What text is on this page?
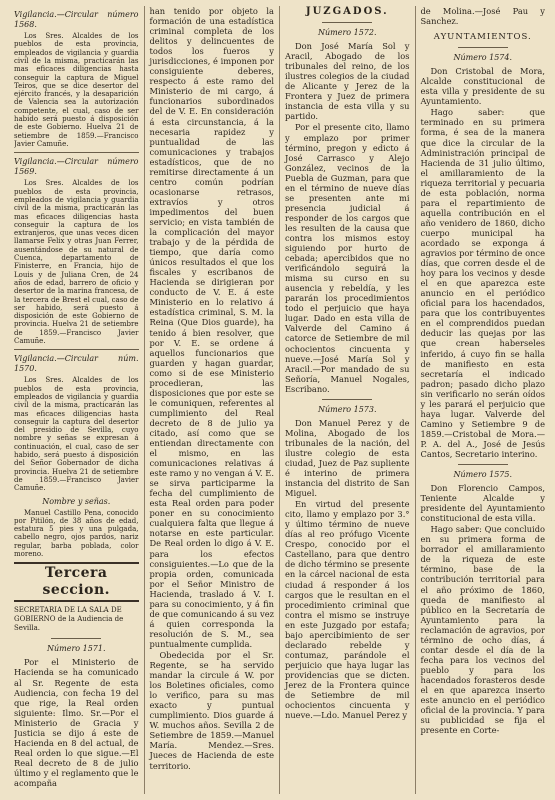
Vigilancia.—Circular número 1568.

Los Sres. Alcaldes de los pueblos de esta provincia, empleados de vigilancia y guardia civil de la misma, practicarán las mas eficaces diligencias hasta conseguir la captura de Miguel Teiros, que se dice desertor del ejército francés, y la desaparición de Valencia sea la autorización competente, el cual, caso de ser habido será puesto á disposición de este Gobierno. Huelva 21 de setiembre de 1859.—Francisco Javier Camuñe.

Vigilancia.—Circular número 1569.

Los Sres. Alcaldes de los pueblos de esta provincia, empleados de vigilancia y guardia civil de la misma, practicarán las mas eficaces diligencias hasta conseguir la captura de los extranjeros, que unas veces dicen llamarse Felix y otras Juan Ferrer, ausentándose de su natural de Cuenca, departamento de Finisterre, en Francia, hijo de Louis y de Juliana Cren, de 24 años de edad, barrero de oficio y desertor de la marina francesa, de la tercera de Brest el cual, caso de ser habido, será puesto á disposición de este Gobierno de provincia. Huelva 21 de setiembre de 1859.—Francisco Javier Camuñe.

Vigilancia.—Circular núm. 1570.

Los Sres. Alcaldes de los pueblos de esta provincia, empleados de vigilancia y guardia civil de la misma, practicarán las mas eficaces diligencias hasta conseguir la captura del desertor del presidio de Sevilla, cuyo nombre y señas se expresan á continuación, el cual, caso de ser habido, será puesto á disposición del Señor Gobernador de dicha provincia. Huelva 21 de setiembre de 1859.—Francisco Javier Camuñe.

Nombre y señas.

Manuel Castillo Pena, conocido por Pitilón, de 38 años de edad, estatura 5 pies y una pulgada, cabello negro, ojos pardos, nariz regular, barba poblada, color moreno.

Tercera seccion.

SECRETARIA DE LA SALA DE GOBIERNO de la Audiencia de Sevilla.

Número 1571.

Por el Ministerio de Hacienda se ha comunicado al Sr. Regente de esta Audiencia, con fecha 19 del que rige, la Real orden siguiente: Ilmo. Sr.—Por el Ministerio de Gracia y Justicia se dijo á este de Hacienda en 8 del actual, de Real orden lo que sigue.—El Real decreto de 8 de julio último y el reglamento que le acompaña

han tenido por objeto la formación de una estadística criminal completa de los delitos y delincuentes de todos los fueros y jurisdicciones, é imponen por consiguiente deberes, respecto á este ramo del Ministerio de mi cargo, á funcionarios subordinados del de V. E. En consideración á esta circunstancia, á la necesaria rapidez y puntualidad de las comunicaciones y trabajos estadísticos, que de no remitirse directamente á un centro común podrían ocasionarse retrasos, extravíos y otros impedimentos del buen servicio; en vista también de la complicación del mayor trabajo y de la pérdida de tiempo, que daría como únicos resultados el que los fiscales y escribanos de Hacienda se dirigieran por conducto de V. E. á este Ministerio en lo relativo á estadística criminal, S. M. la Reina (Que Dios guarde), ha tenido á bien resolver, que por V. E. se ordene á aquellos funcionarios que guarden y hagan guardar, como si de ese Ministerio procedieran, las disposiciones que por este se le comuniquen, referentes al cumplimiento del Real decreto de 8 de julio ya citado, así como que se entiendan directamente con el mismo, en las comunicaciones relativas á este ramo y no vengan á V. E. se sirva participarme la fecha del cumplimiento de esta Real orden para poder poner en su conocimiento cualquiera falta que llegue á notarse en este particular. De Real orden lo digo á V. E. para los efectos consiguientes.—Lo que de la propia orden, comunicada por el Señor Ministro de Hacienda, traslado á V. I. para su conocimiento, y á fin de que comunicando á su vez á quien corresponda la resolución de S. M., sea puntualmente cumplida.

Obedecida por el Sr. Regente, se ha servido mandar la circule á W. por los Boletines oficiales, como lo verifico, para su mas exacto y puntual cumplimiento. Dios guarde á W. muchos años. Sevilla 2 de Setiembre de 1859.—Manuel María. Mendez.—Sres. Jueces de Hacienda de este territorio.

JUZGADOS.
Número 1572.

Don José María Sol y Aracil, Abogado de los tribunales del reino, de los ilustres colegios de la ciudad de Alicante y Jerez de la Frontera y Juez de primera instancia de esta villa y su partido.

Por el presente cito, llamo y emplazo por primer término, pregon y edicto á José Carrasco y Alejo González, vecinos de la Puebla de Guzman, para que en el término de nueve días se presenten ante mi presencia judicial á responder de los cargos que les resulten de la causa que contra los mismos estoy siguiendo por hurto de cebada; apercibidos que no verificándolo seguirá la misma su curso en su ausencia y rebeldía, y les pararán los procedimientos todo el perjuicio que haya lugar. Dado en esta villa de Valverde del Camino á catorce de Setiembre de mil ochocientos cincuenta y nueve.—José María Sol y Aracil.—Por mandado de su Señoría, Manuel Nogales, Escribano.

Número 1573.

Don Manuel Perez y de Molina, Abogado de los tribunales de la nación, del ilustre colegio de esta ciudad, Juez de Paz supliente é interino de primera instancia del distrito de San Miguel.

En virtud del presente cito, llamo y emplazo por 3.° y último término de nueve días al reo prófugo Vicente Crespo, conocido por el Castellano, para que dentro de dicho término se presente en la cárcel nacional de esta ciudad á responder á los cargos que le resultan en el procedimiento criminal que contra el mismo se instruye en este Juzgado por estafa; bajo apercibimiento de ser declarado rebelde y contumaz, parándole el perjuicio que haya lugar las providencias que se dicten. Jerez de la Frontera quince de Setiembre de mil ochocientos cincuenta y nueve.—Ldo. Manuel Perez y

de Molina.—José Pau y Sanchez.

AYUNTAMIENTOS.
Número 1574.

Don Cristobal de Mora, Alcalde constitucional de esta villa y presidente de su Ayuntamiento.

Hago saber: que terminado en su primera forma, é sea de la manera que dice la circular de la Administración principal de Hacienda de 31 julio último, el amillaramiento de la riqueza territorial y pecuaria de esta población, norma para el repartimiento de aquella contribución en el año venidero de 1860, dicho cuerpo municipal ha acordado se exponga á agravios por término de once días, que corren desde el de hoy para los vecinos y desde el en que aparezca este anuncio en el periódico oficial para los hacendados, para que los contribuyentes en el comprendidos puedan deducir las quejas por las que crean haberseles inferido, á cuyo fin se halla de manifiesto en esta secretaría el indicado padron; pasado dicho plazo sin verificarlo no serán oídos y les parará el perjuicio que haya lugar. Valverde del Camino y Setiembre 9 de 1859.—Cristobal de Mora.—P. A. del A., José de Jesús Cantos, Secretario interino.

Número 1575.

Don Florencio Campos, Teniente Alcalde y presidente del Ayuntamiento constitucional de esta villa.

Hago saber: Que concluido en su primera forma de borrador el amillaramiento de la riqueza de este término, base de la contribución territorial para el año próximo de 1860, queda de manifiesto al público en la Secretaría de Ayuntamiento para la reclamación de agravios, por término de ocho días, á contar desde el día de la fecha para los vecinos del pueblo y para los hacendados forasteros desde el en que aparezca inserto este anuncio en el periódico oficial de la provincia. Y para su publicidad se fija el presente en Corte-
